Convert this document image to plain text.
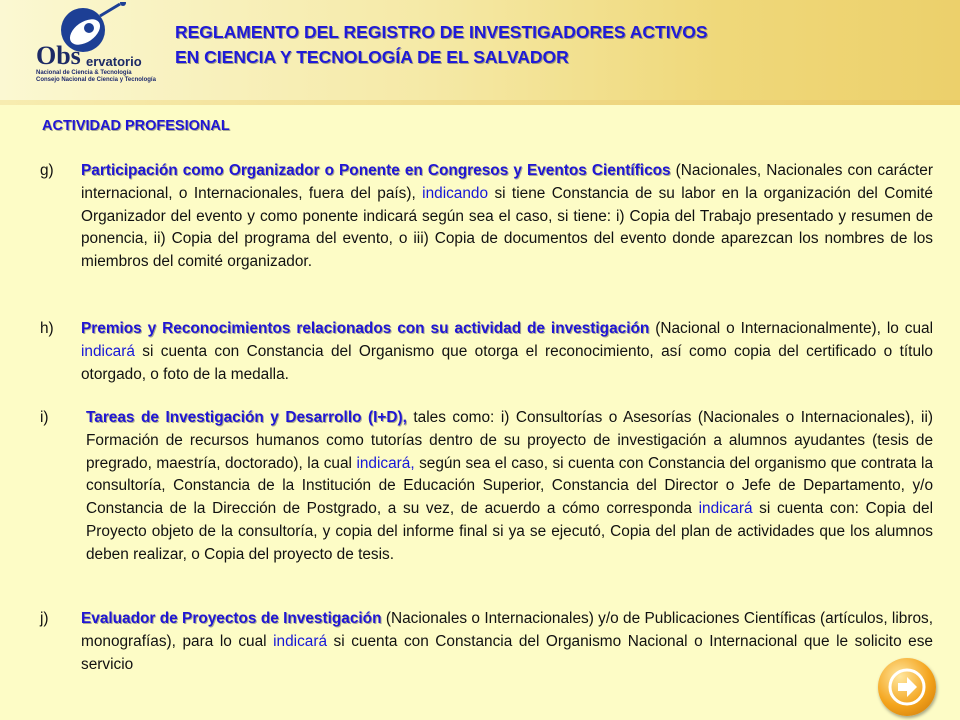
Obs ervatorio
Nacional de Ciencia & Tecnología
Consejo Nacional de Ciencia y Tecnología
REGLAMENTO DEL REGISTRO DE INVESTIGADORES ACTIVOS
EN CIENCIA Y TECNOLOGÍA DE EL SALVADOR
ACTIVIDAD PROFESIONAL
g) Participación como Organizador o Ponente en Congresos y Eventos Científicos (Nacionales, Nacionales con carácter internacional, o Internacionales, fuera del país), indicando si tiene Constancia de su labor en la organización del Comité Organizador del evento y como ponente indicará según sea el caso, si tiene: i) Copia del Trabajo presentado y resumen de ponencia, ii) Copia del programa del evento, o iii) Copia de documentos del evento donde aparezcan los nombres de los miembros del comité organizador.
h) Premios y Reconocimientos relacionados con su actividad de investigación (Nacional o Internacionalmente), lo cual indicará si cuenta con Constancia del Organismo que otorga el reconocimiento, así como copia del certificado o título otorgado, o foto de la medalla.
i) Tareas de Investigación y Desarrollo (I+D), tales como: i) Consultorías o Asesorías (Nacionales o Internacionales), ii) Formación de recursos humanos como tutorías dentro de su proyecto de investigación a alumnos ayudantes (tesis de pregrado, maestría, doctorado), la cual indicará, según sea el caso, si cuenta con Constancia del organismo que contrata la consultoría, Constancia de la Institución de Educación Superior, Constancia del Director o Jefe de Departamento, y/o Constancia de la Dirección de Postgrado, a su vez, de acuerdo a cómo corresponda indicará si cuenta con: Copia del Proyecto objeto de la consultoría, y copia del informe final si ya se ejecutó, Copia del plan de actividades que los alumnos deben realizar, o Copia del proyecto de tesis.
j) Evaluador de Proyectos de Investigación (Nacionales o Internacionales) y/o de Publicaciones Científicas (artículos, libros, monografías), para lo cual indicará si cuenta con Constancia del Organismo Nacional o Internacional que le solicito ese servicio
